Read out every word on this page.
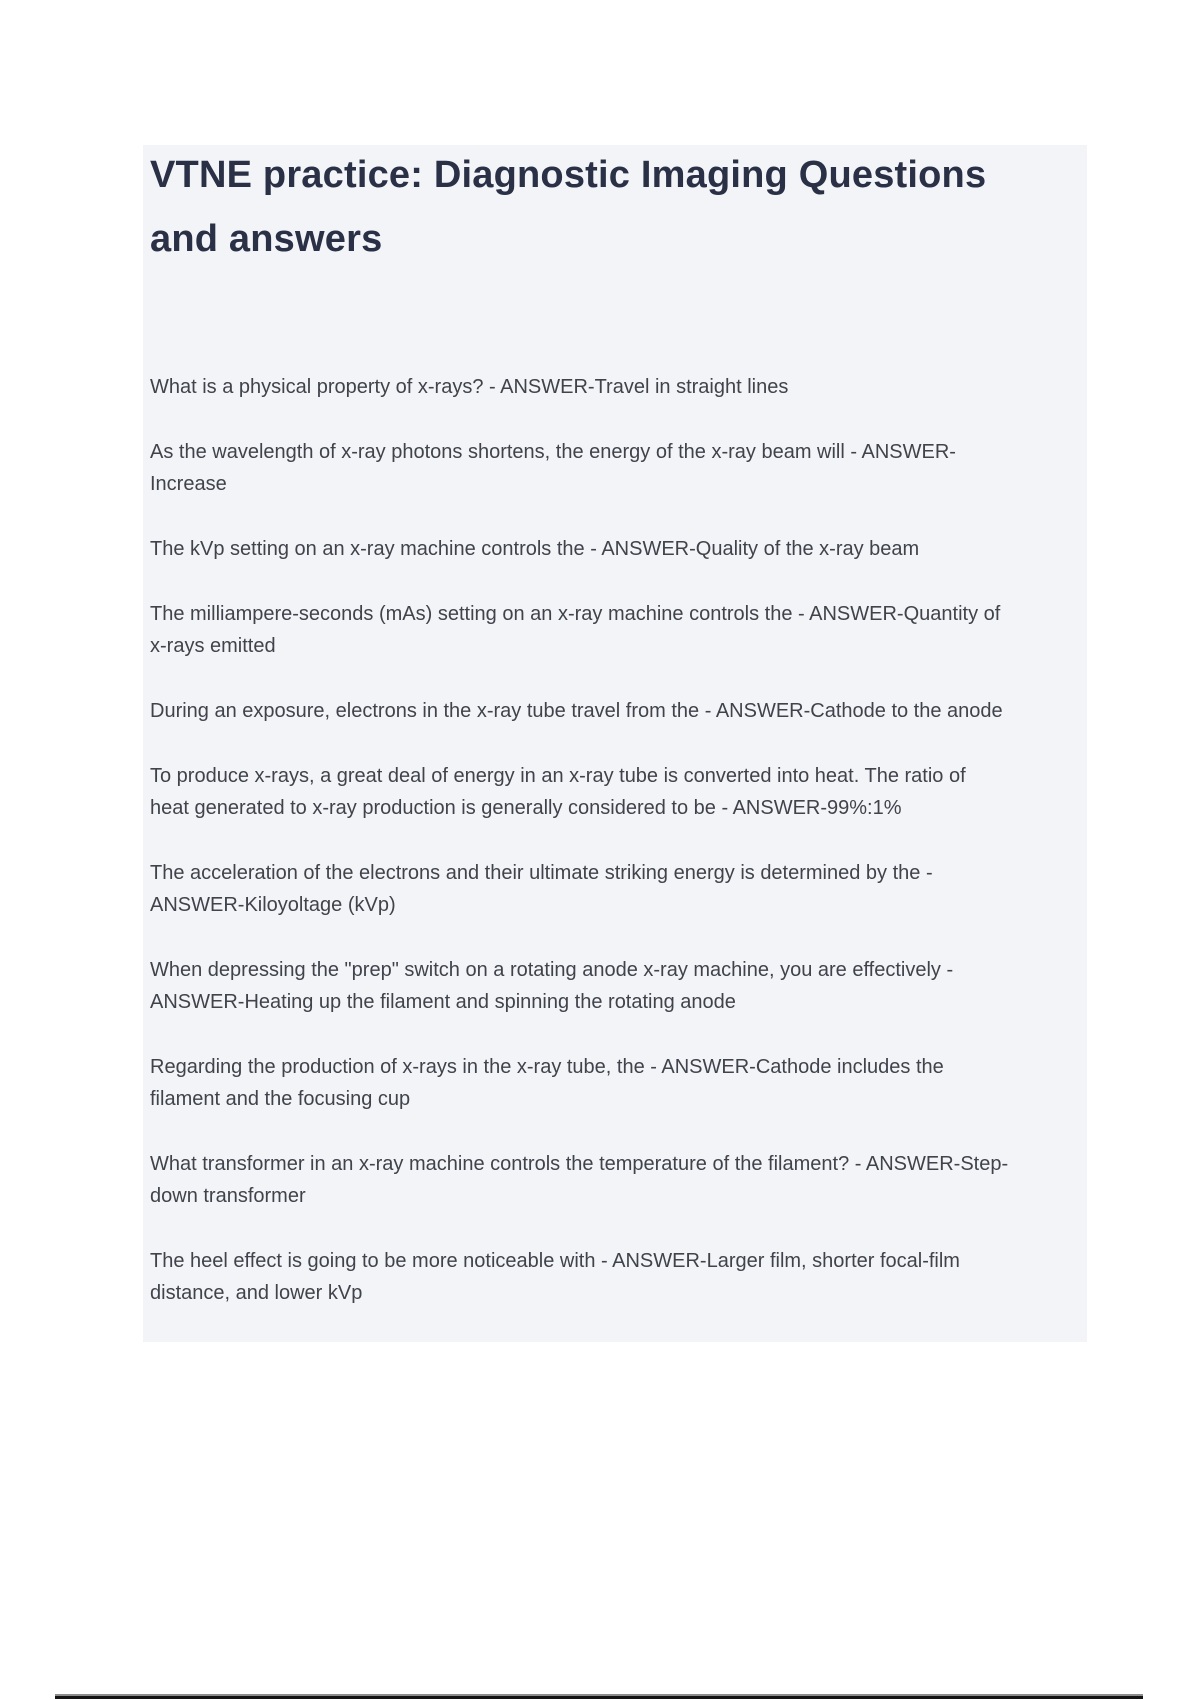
VTNE practice: Diagnostic Imaging Questions and answers

What is a physical property of x-rays? - ANSWER-Travel in straight lines

As the wavelength of x-ray photons shortens, the energy of the x-ray beam will - ANSWER-Increase

The kVp setting on an x-ray machine controls the - ANSWER-Quality of the x-ray beam

The milliampere-seconds (mAs) setting on an x-ray machine controls the - ANSWER-Quantity of x-rays emitted

During an exposure, electrons in the x-ray tube travel from the - ANSWER-Cathode to the anode

To produce x-rays, a great deal of energy in an x-ray tube is converted into heat. The ratio of heat generated to x-ray production is generally considered to be - ANSWER-99%:1%

The acceleration of the electrons and their ultimate striking energy is determined by the - ANSWER-Kiloyoltage (kVp)

When depressing the "prep" switch on a rotating anode x-ray machine, you are effectively - ANSWER-Heating up the filament and spinning the rotating anode

Regarding the production of x-rays in the x-ray tube, the - ANSWER-Cathode includes the filament and the focusing cup

What transformer in an x-ray machine controls the temperature of the filament? - ANSWER-Step-down transformer

The heel effect is going to be more noticeable with - ANSWER-Larger film, shorter focal-film distance, and lower kVp
